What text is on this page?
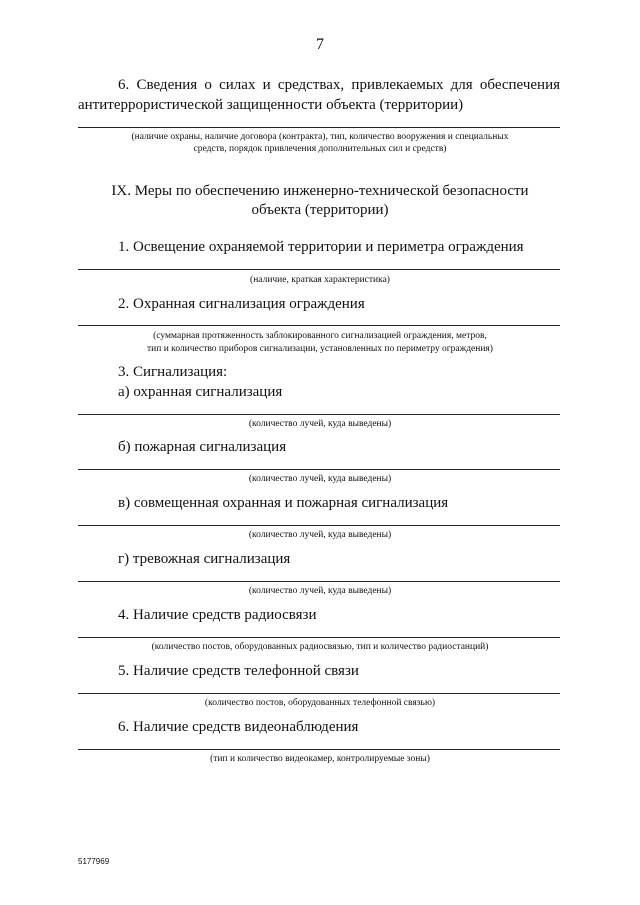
7
6. Сведения о силах и средствах, привлекаемых для обеспечения
антитеррористической защищенности объекта (территории)
(наличие охраны, наличие договора (контракта), тип, количество вооружения и специальных
средств, порядок привлечения дополнительных сил и средств)
IX. Меры по обеспечению инженерно-технической безопасности
объекта (территории)
1. Освещение охраняемой территории и периметра ограждения
(наличие, краткая характеристика)
2. Охранная сигнализация ограждения
(суммарная протяженность заблокированного сигнализацией ограждения, метров,
тип и количество приборов сигнализации, установленных по периметру ограждения)
3. Сигнализация:
а) охранная сигнализация
(количество лучей, куда выведены)
б) пожарная сигнализация
(количество лучей, куда выведены)
в) совмещенная охранная и пожарная сигнализация
(количество лучей, куда выведены)
г) тревожная сигнализация
(количество лучей, куда выведены)
4. Наличие средств радиосвязи
(количество постов, оборудованных радиосвязью, тип и количество радиостанций)
5. Наличие средств телефонной связи
(количество постов, оборудованных телефонной связью)
6. Наличие средств видеонаблюдения
(тип и количество видеокамер, контролируемые зоны)
5177969
